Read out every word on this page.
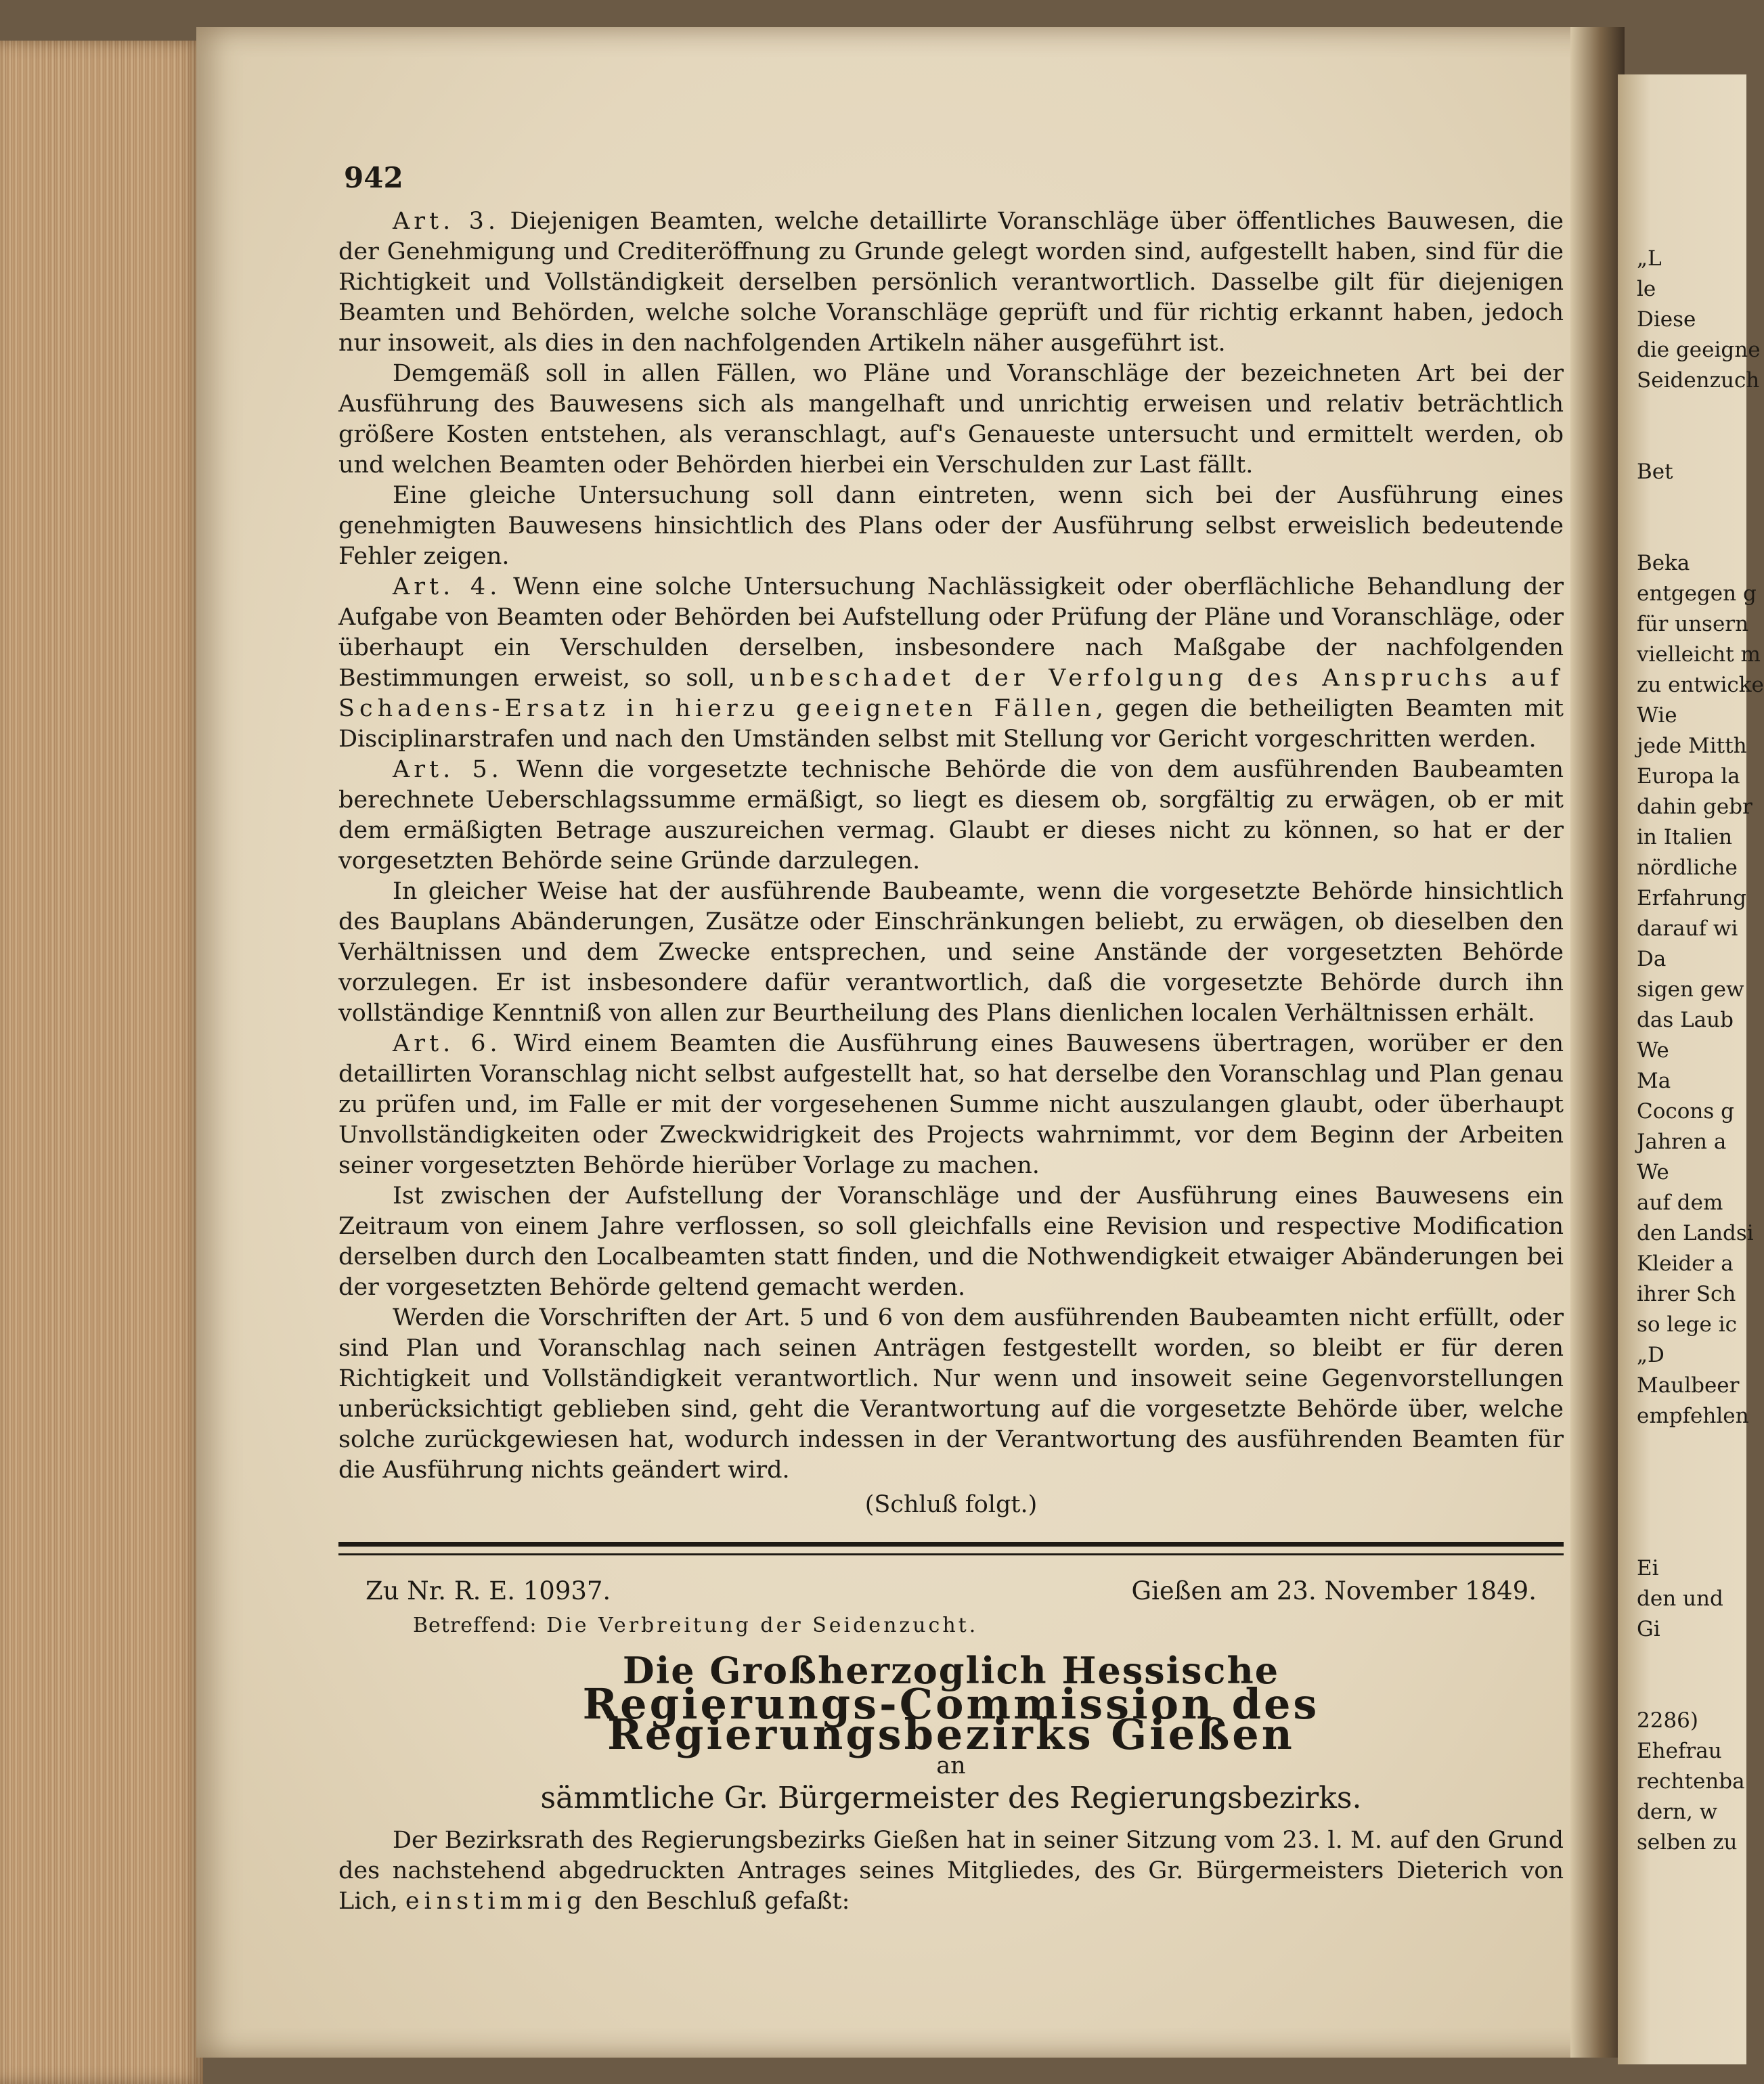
942

Art. 3. Diejenigen Beamten, welche detaillirte Voranschläge über öffentliches Bauwesen, die der Genehmigung und Crediteröffnung zu Grunde gelegt worden sind, aufgestellt haben, sind für die Richtigkeit und Vollständigkeit derselben persönlich verantwortlich. Dasselbe gilt für diejenigen Beamten und Behörden, welche solche Voranschläge geprüft und für richtig erkannt haben, jedoch nur insoweit, als dies in den nachfolgenden Artikeln näher ausgeführt ist.

Demgemäß soll in allen Fällen, wo Pläne und Voranschläge der bezeichneten Art bei der Ausführung des Bauwesens sich als mangelhaft und unrichtig erweisen und relativ beträchtlich größere Kosten entstehen, als veranschlagt, auf's Genaueste untersucht und ermittelt werden, ob und welchen Beamten oder Behörden hierbei ein Verschulden zur Last fällt.

Eine gleiche Untersuchung soll dann eintreten, wenn sich bei der Ausführung eines genehmigten Bauwesens hinsichtlich des Plans oder der Ausführung selbst erweislich bedeutende Fehler zeigen.

Art. 4. Wenn eine solche Untersuchung Nachlässigkeit oder oberflächliche Behandlung der Aufgabe von Beamten oder Behörden bei Aufstellung oder Prüfung der Pläne und Voranschläge, oder überhaupt ein Verschulden derselben, insbesondere nach Maßgabe der nachfolgenden Bestimmungen erweist, so soll, unbeschadet der Verfolgung des Anspruchs auf Schadens-Ersatz in hierzu geeigneten Fällen, gegen die betheiligten Beamten mit Disciplinarstrafen und nach den Umständen selbst mit Stellung vor Gericht vorgeschritten werden.

Art. 5. Wenn die vorgesetzte technische Behörde die von dem ausführenden Baubeamten berechnete Ueberschlagssumme ermäßigt, so liegt es diesem ob, sorgfältig zu erwägen, ob er mit dem ermäßigten Betrage auszureichen vermag. Glaubt er dieses nicht zu können, so hat er der vorgesetzten Behörde seine Gründe darzulegen.

In gleicher Weise hat der ausführende Baubeamte, wenn die vorgesetzte Behörde hinsichtlich des Bauplans Abänderungen, Zusätze oder Einschränkungen beliebt, zu erwägen, ob dieselben den Verhältnissen und dem Zwecke entsprechen, und seine Anstände der vorgesetzten Behörde vorzulegen. Er ist insbesondere dafür verantwortlich, daß die vorgesetzte Behörde durch ihn vollständige Kenntniß von allen zur Beurtheilung des Plans dienlichen localen Verhältnissen erhält.

Art. 6. Wird einem Beamten die Ausführung eines Bauwesens übertragen, worüber er den detaillirten Voranschlag nicht selbst aufgestellt hat, so hat derselbe den Voranschlag und Plan genau zu prüfen und, im Falle er mit der vorgesehenen Summe nicht auszulangen glaubt, oder überhaupt Unvollständigkeiten oder Zweckwidrigkeit des Projects wahrnimmt, vor dem Beginn der Arbeiten seiner vorgesetzten Behörde hierüber Vorlage zu machen.

Ist zwischen der Aufstellung der Voranschläge und der Ausführung eines Bauwesens ein Zeitraum von einem Jahre verflossen, so soll gleichfalls eine Revision und respective Modification derselben durch den Localbeamten statt finden, und die Nothwendigkeit etwaiger Abänderungen bei der vorgesetzten Behörde geltend gemacht werden.

Werden die Vorschriften der Art. 5 und 6 von dem ausführenden Baubeamten nicht erfüllt, oder sind Plan und Voranschlag nach seinen Anträgen festgestellt worden, so bleibt er für deren Richtigkeit und Vollständigkeit verantwortlich. Nur wenn und insoweit seine Gegenvorstellungen unberücksichtigt geblieben sind, geht die Verantwortung auf die vorgesetzte Behörde über, welche solche zurückgewiesen hat, wodurch indessen in der Verantwortung des ausführenden Beamten für die Ausführung nichts geändert wird.

(Schluß folgt.)

Zu Nr. R. E. 10937.	Gießen am 23. November 1849.
Betreffend: Die Verbreitung der Seidenzucht.
Die Großherzoglich Hessische
Regierungs-Commission des Regierungsbezirks Gießen
an
sämmtliche Gr. Bürgermeister des Regierungsbezirks.

Der Bezirksrath des Regierungsbezirks Gießen hat in seiner Sitzung vom 23. l. M. auf den Grund des nachstehend abgedruckten Antrages seines Mitgliedes, des Gr. Bürgermeisters Dieterich von Lich, einstimmig den Beschluß gefaßt:

„L
le
Diese
die geeigne
Seidenzuch
Bet
Beka
entgegen g
für unsern
vielleicht m
zu entwicke
Wie
jede Mitth
Europa la
dahin gebr
in Italien
nördliche
Erfahrung
darauf wi
Da
sigen gew
das Laub
We
Ma
Cocons g
Jahren a
We
auf dem
den Landsi
Kleider a
ihrer Sch
so lege ic
„D
Maulbeer
empfehlen
Ei
den und
Gi
2286)
Ehefrau
rechtenba
dern, w
selben zu
